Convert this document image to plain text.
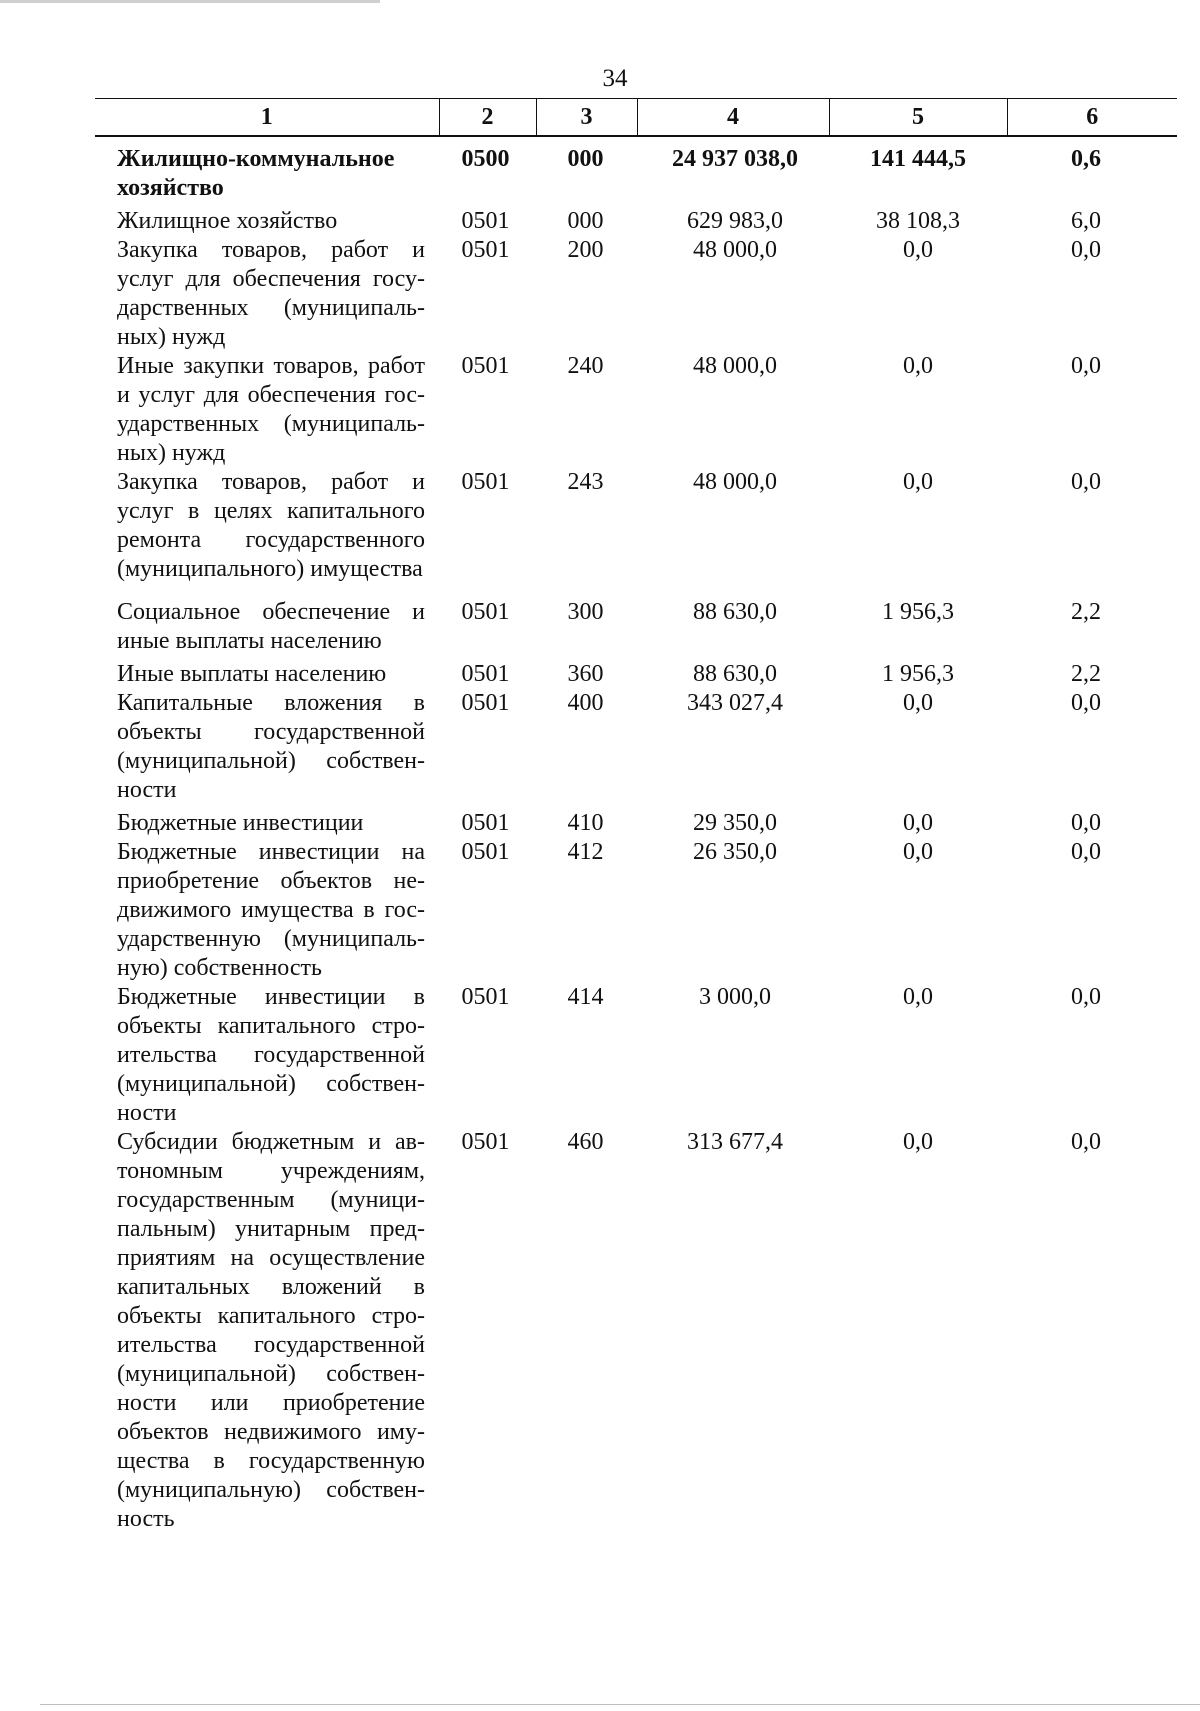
34
1	2	3	4	5	6
Жилищно-коммунальное хозяйство	0500	000	24 937 038,0	141 444,5	0,6
Жилищное хозяйство	0501	000	629 983,0	38 108,3	6,0
Закупка товаров, работ и услуг для обеспечения государственных (муниципальных) нужд	0501	200	48 000,0	0,0	0,0
Иные закупки товаров, работ и услуг для обеспечения государственных (муниципальных) нужд	0501	240	48 000,0	0,0	0,0
Закупка товаров, работ и услуг в целях капитального ремонта государственного (муниципального) имущества	0501	243	48 000,0	0,0	0,0
Социальное обеспечение и иные выплаты населению	0501	300	88 630,0	1 956,3	2,2
Иные выплаты населению	0501	360	88 630,0	1 956,3	2,2
Капитальные вложения в объекты государственной (муниципальной) собственности	0501	400	343 027,4	0,0	0,0
Бюджетные инвестиции	0501	410	29 350,0	0,0	0,0
Бюджетные инвестиции на приобретение объектов недвижимого имущества в государственную (муниципальную) собственность	0501	412	26 350,0	0,0	0,0
Бюджетные инвестиции в объекты капитального строительства государственной (муниципальной) собственности	0501	414	3 000,0	0,0	0,0
Субсидии бюджетным и автономным учреждениям, государственным (муниципальным) унитарным предприятиям на осуществление капитальных вложений в объекты капитального строительства государственной (муниципальной) собственности или приобретение объектов недвижимого имущества в государственную (муниципальную) собственность	0501	460	313 677,4	0,0	0,0
